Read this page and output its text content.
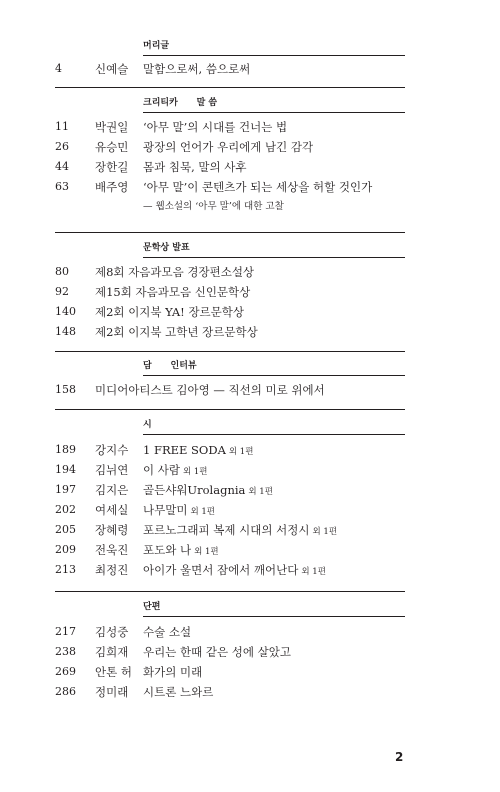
머리글
4	신예슬 말함으로써, 씀으로써
크리티카      말 씀
11 박권일 ‘아무 말’의 시대를 건너는 법
26 유승민 광장의 언어가 우리에게 남긴 감각
44 장한길 몸과 침묵, 말의 사후
63 배주영 ‘아무 말’이 콘텐츠가 되는 세상을 허할 것인가
— 웹소설의 ‘아무 말’에 대한 고찰
문학상 발표
80 제8회 자음과모음 경장편소설상
92 제15회 자음과모음 신인문학상
140 제2회 이지북 YA! 장르문학상
148 제2회 이지북 고학년 장르문학상
담      인터뷰
158 미디어아티스트 김아영 — 직선의 미로 위에서
시
189 강지수 1 FREE SODA 외 1편
194 김뉘연 이 사람 외 1편
197 김지은 골든샤워Urolagnia 외 1편
202 여세실 나무말미 외 1편
205 장혜령 포르노그래피 복제 시대의 서정시 외 1편
209 전욱진 포도와 나 외 1편
213 최정진 아이가 울면서 잠에서 깨어난다 외 1편
단편
217 김성중 수술 소설
238 김희재 우리는 한때 같은 성에 살았고
269 안톤 허 화가의 미래
286 정미래 시트론 느와르
2
